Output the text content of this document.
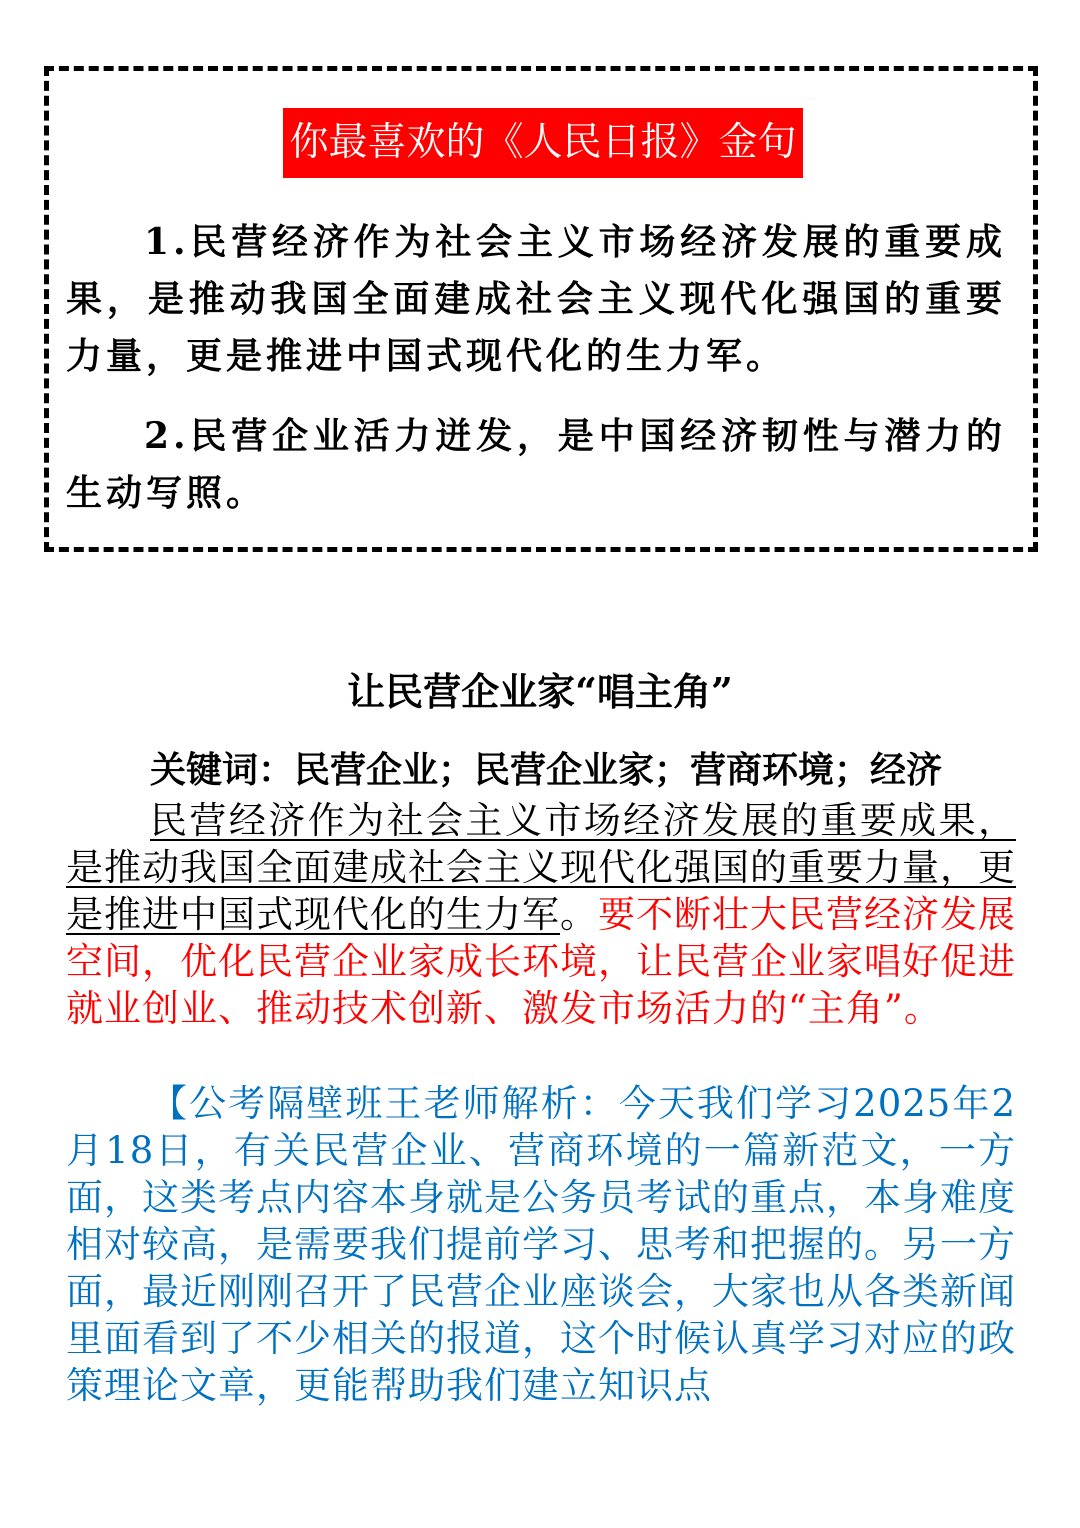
你最喜欢的《人民日报》金句
1.民营经济作为社会主义市场经济发展的重要成果，是推动我国全面建成社会主义现代化强国的重要力量，更是推进中国式现代化的生力军。
2.民营企业活力迸发，是中国经济韧性与潜力的生动写照。
让民营企业家“唱主角”
关键词：民营企业；民营企业家；营商环境；经济
民营经济作为社会主义市场经济发展的重要成果，是推动我国全面建成社会主义现代化强国的重要力量，更是推进中国式现代化的生力军。要不断壮大民营经济发展空间，优化民营企业家成长环境，让民营企业家唱好促进就业创业、推动技术创新、激发市场活力的“主角”。
【公考隔壁班王老师解析：今天我们学习2025年2月18日，有关民营企业、营商环境的一篇新范文，一方面，这类考点内容本身就是公务员考试的重点，本身难度相对较高，是需要我们提前学习、思考和把握的。另一方面，最近刚刚召开了民营企业座谈会，大家也从各类新闻里面看到了不少相关的报道，这个时候认真学习对应的政策理论文章，更能帮助我们建立知识点
